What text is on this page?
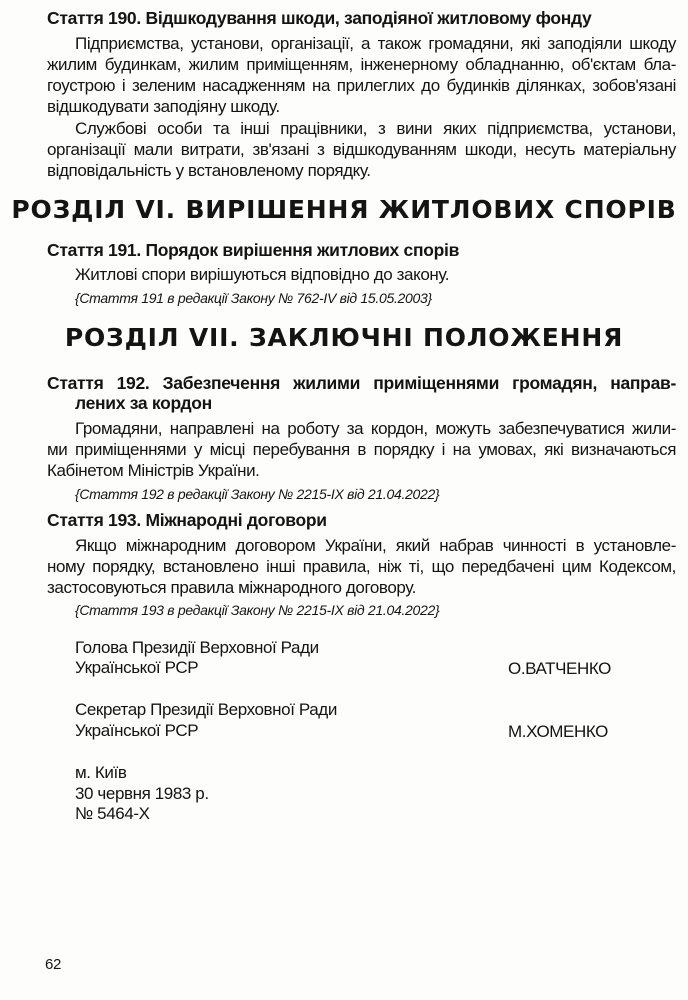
Стаття 190. Відшкодування шкоди, заподіяної житловому фонду
Підприємства, установи, організації, а також громадяни, які заподіяли шкоду
жилим будинкам, жилим приміщенням, інженерному обладнанню, об'єктам бла-
гоустрою і зеленим насадженням на прилеглих до будинків ділянках, зобов'язані
відшкодувати заподіяну шкоду.
Службові особи та інші працівники, з вини яких підприємства, установи,
організації мали витрати, зв'язані з відшкодуванням шкоди, несуть матеріальну
відповідальність у встановленому порядку.
РОЗДІЛ VI. ВИРІШЕННЯ ЖИТЛОВИХ СПОРІВ
Стаття 191. Порядок вирішення житлових спорів
Житлові спори вирішуються відповідно до закону.
{Стаття 191 в редакції Закону № 762-IV від 15.05.2003}
РОЗДІЛ VII. ЗАКЛЮЧНІ ПОЛОЖЕННЯ
Стаття 192. Забезпечення жилими приміщеннями громадян, направ-
лених за кордон
Громадяни, направлені на роботу за кордон, можуть забезпечуватися жили-
ми приміщеннями у місці перебування в порядку і на умовах, які визначаються
Кабінетом Міністрів України.
{Стаття 192 в редакції Закону № 2215-IX від 21.04.2022}
Стаття 193. Міжнародні договори
Якщо міжнародним договором України, який набрав чинності в установле-
ному порядку, встановлено інші правила, ніж ті, що передбачені цим Кодексом,
застосовуються правила міжнародного договору.
{Стаття 193 в редакції Закону № 2215-IX від 21.04.2022}
Голова Президії Верховної Ради
Української РСР	О.ВАТЧЕНКО
Секретар Президії Верховної Ради
Української РСР	М.ХОМЕНКО
м. Київ
30 червня 1983 р.
№ 5464-X
62
